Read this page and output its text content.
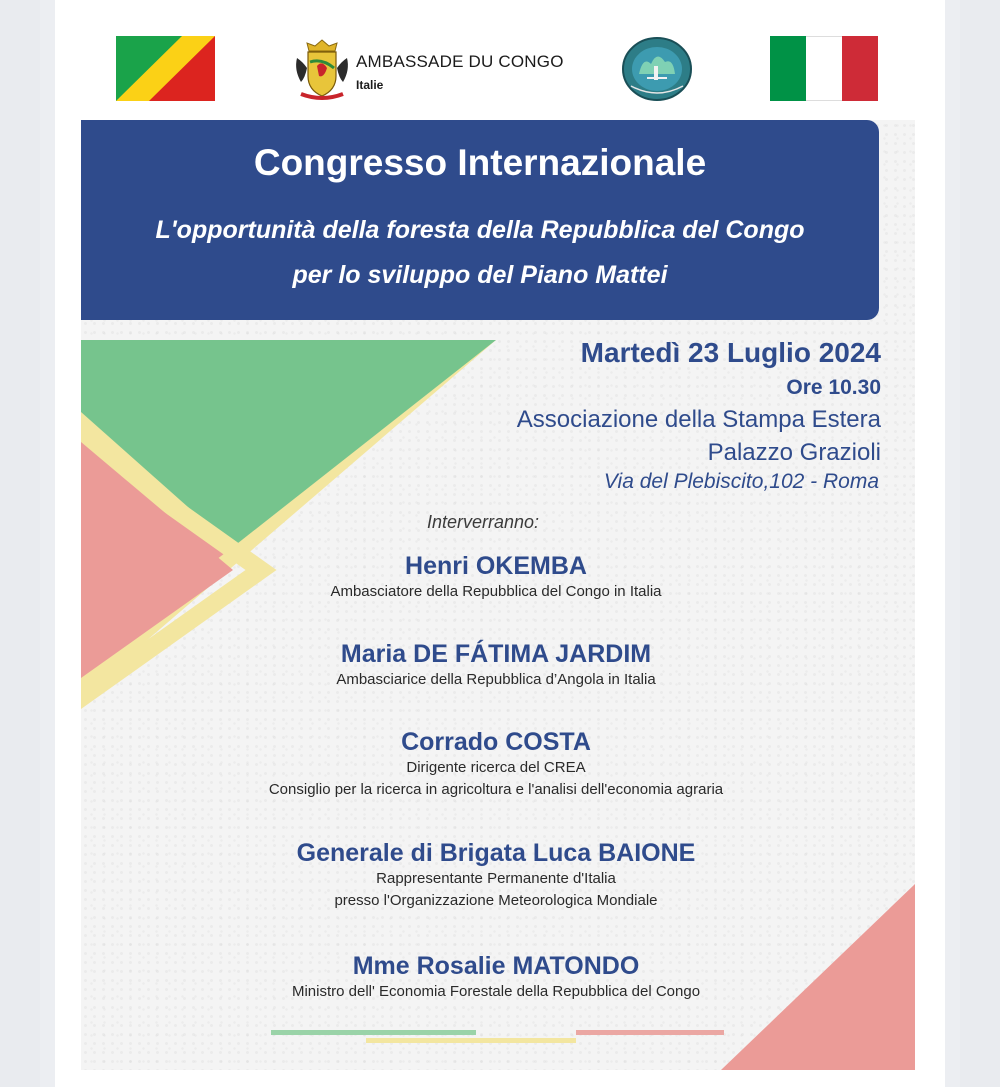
AMBASSADE DU CONGO
Italie
Congresso Internazionale
L'opportunità della foresta della Repubblica del Congo
per lo sviluppo del Piano Mattei
Martedì 23 Luglio 2024
Ore 10.30
Associazione della Stampa Estera
Palazzo Grazioli
Via del Plebiscito,102 - Roma
Interverranno:
Henri OKEMBA
Ambasciatore della Repubblica del Congo in Italia
Maria DE FÁTIMA JARDIM
Ambasciarice della Repubblica d’Angola in Italia
Corrado COSTA
Dirigente ricerca del CREA
Consiglio per la ricerca in agricoltura e l'analisi dell'economia agraria
Generale di Brigata Luca BAIONE
Rappresentante Permanente d'Italia
presso l'Organizzazione Meteorologica Mondiale
Mme Rosalie MATONDO
Ministro dell' Economia Forestale della Repubblica del Congo
